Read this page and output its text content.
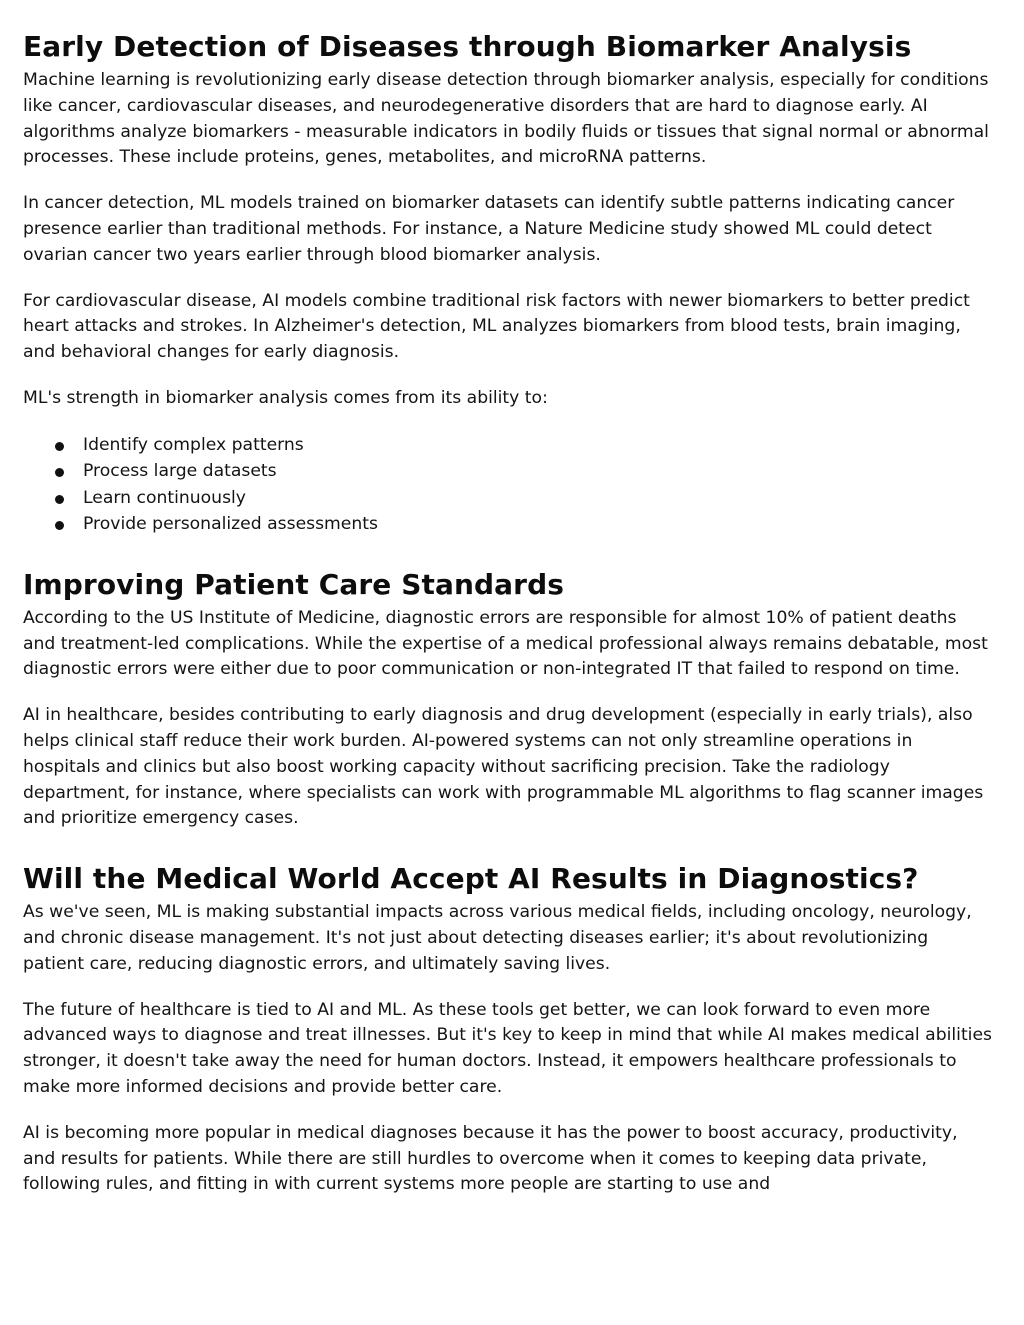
Early Detection of Diseases through Biomarker Analysis

Machine learning is revolutionizing early disease detection through biomarker analysis, especially for conditions like cancer, cardiovascular diseases, and neurodegenerative disorders that are hard to diagnose early. AI algorithms analyze biomarkers - measurable indicators in bodily fluids or tissues that signal normal or abnormal processes. These include proteins, genes, metabolites, and microRNA patterns.

In cancer detection, ML models trained on biomarker datasets can identify subtle patterns indicating cancer presence earlier than traditional methods. For instance, a Nature Medicine study showed ML could detect ovarian cancer two years earlier through blood biomarker analysis.

For cardiovascular disease, AI models combine traditional risk factors with newer biomarkers to better predict heart attacks and strokes. In Alzheimer's detection, ML analyzes biomarkers from blood tests, brain imaging, and behavioral changes for early diagnosis.

ML's strength in biomarker analysis comes from its ability to:

Identify complex patterns
Process large datasets
Learn continuously
Provide personalized assessments
Improving Patient Care Standards

According to the US Institute of Medicine, diagnostic errors are responsible for almost 10% of patient deaths and treatment-led complications. While the expertise of a medical professional always remains debatable, most diagnostic errors were either due to poor communication or non-integrated IT that failed to respond on time.

AI in healthcare, besides contributing to early diagnosis and drug development (especially in early trials), also helps clinical staff reduce their work burden. AI-powered systems can not only streamline operations in hospitals and clinics but also boost working capacity without sacrificing precision. Take the radiology department, for instance, where specialists can work with programmable ML algorithms to flag scanner images and prioritize emergency cases.

Will the Medical World Accept AI Results in Diagnostics?

As we've seen, ML is making substantial impacts across various medical fields, including oncology, neurology, and chronic disease management. It's not just about detecting diseases earlier; it's about revolutionizing patient care, reducing diagnostic errors, and ultimately saving lives.

The future of healthcare is tied to AI and ML. As these tools get better, we can look forward to even more advanced ways to diagnose and treat illnesses. But it's key to keep in mind that while AI makes medical abilities stronger, it doesn't take away the need for human doctors. Instead, it empowers healthcare professionals to make more informed decisions and provide better care.

AI is becoming more popular in medical diagnoses because it has the power to boost accuracy, productivity, and results for patients. While there are still hurdles to overcome when it comes to keeping data private, following rules, and fitting in with current systems more people are starting to use and
